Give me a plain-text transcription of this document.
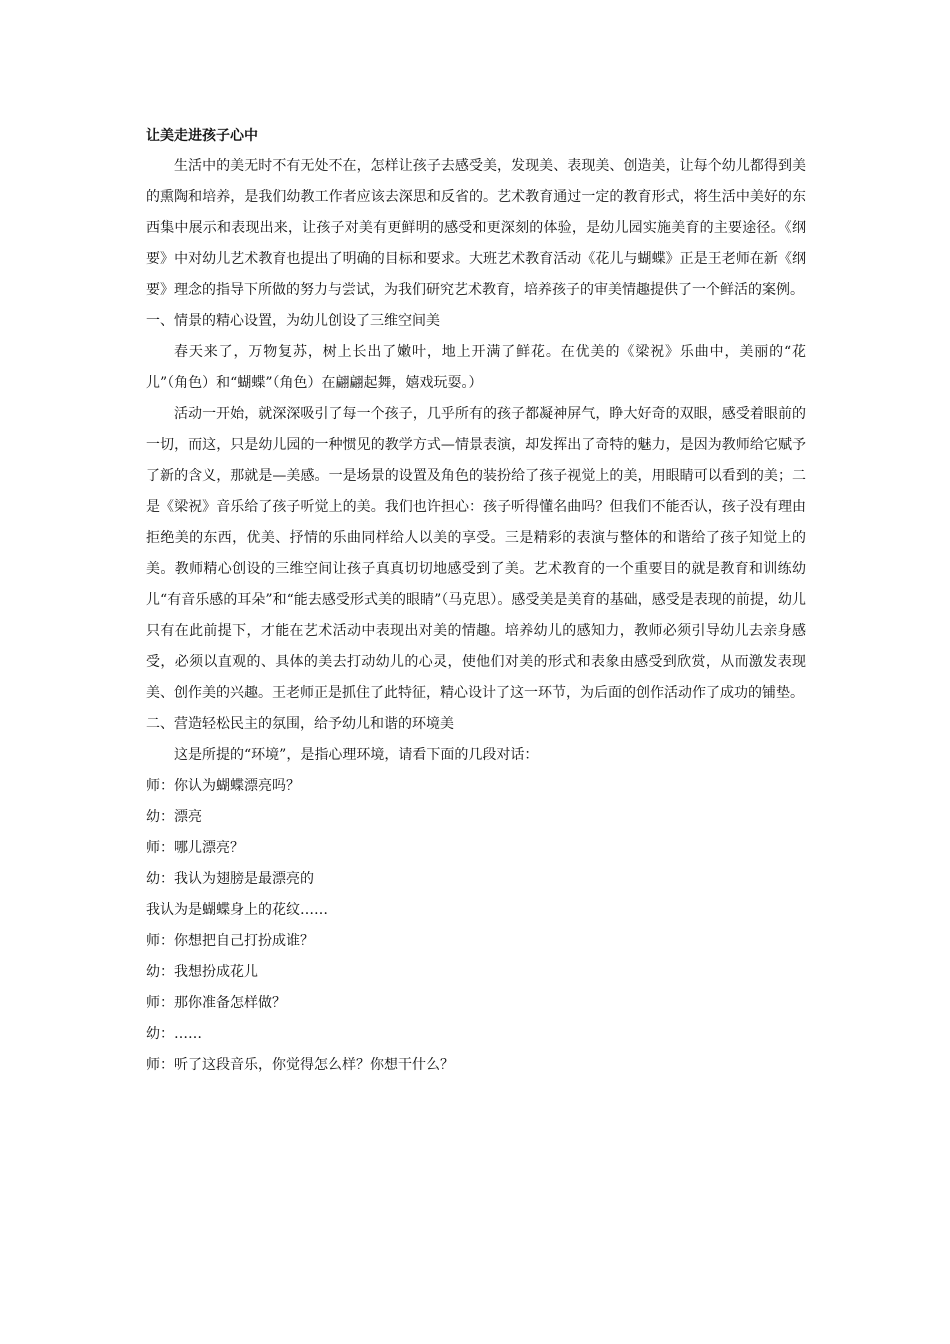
让美走进孩子心中

生活中的美无时不有无处不在，怎样让孩子去感受美，发现美、表现美、创造美，让每个幼儿都得到美的熏陶和培养，是我们幼教工作者应该去深思和反省的。艺术教育通过一定的教育形式，将生活中美好的东西集中展示和表现出来，让孩子对美有更鲜明的感受和更深刻的体验，是幼儿园实施美育的主要途径。《纲要》中对幼儿艺术教育也提出了明确的目标和要求。大班艺术教育活动《花儿与蝴蝶》正是王老师在新《纲要》理念的指导下所做的努力与尝试，为我们研究艺术教育，培养孩子的审美情趣提供了一个鲜活的案例。

一、情景的精心设置，为幼儿创设了三维空间美

春天来了，万物复苏，树上长出了嫩叶，地上开满了鲜花。在优美的《梁祝》乐曲中，美丽的“花儿”（角色）和“蝴蝶”（角色）在翩翩起舞，嬉戏玩耍。）

活动一开始，就深深吸引了每一个孩子，几乎所有的孩子都凝神屏气，睁大好奇的双眼，感受着眼前的一切，而这，只是幼儿园的一种惯见的教学方式—情景表演，却发挥出了奇特的魅力，是因为教师给它赋予了新的含义，那就是—美感。一是场景的设置及角色的装扮给了孩子视觉上的美，用眼睛可以看到的美；二是《梁祝》音乐给了孩子听觉上的美。我们也许担心：孩子听得懂名曲吗？但我们不能否认，孩子没有理由拒绝美的东西，优美、抒情的乐曲同样给人以美的享受。三是精彩的表演与整体的和谐给了孩子知觉上的美。教师精心创设的三维空间让孩子真真切切地感受到了美。艺术教育的一个重要目的就是教育和训练幼儿“有音乐感的耳朵”和“能去感受形式美的眼睛”（马克思）。感受美是美育的基础，感受是表现的前提，幼儿只有在此前提下，才能在艺术活动中表现出对美的情趣。培养幼儿的感知力，教师必须引导幼儿去亲身感受，必须以直观的、具体的美去打动幼儿的心灵，使他们对美的形式和表象由感受到欣赏，从而激发表现美、创作美的兴趣。王老师正是抓住了此特征，精心设计了这一环节，为后面的创作活动作了成功的铺垫。

二、营造轻松民主的氛围，给予幼儿和谐的环境美

这是所提的“环境”，是指心理环境，请看下面的几段对话：

师：你认为蝴蝶漂亮吗？

幼：漂亮

师：哪儿漂亮？

幼：我认为翅膀是最漂亮的

我认为是蝴蝶身上的花纹……

师：你想把自己打扮成谁？

幼：我想扮成花儿

师：那你准备怎样做？

幼：……

师：听了这段音乐，你觉得怎么样？你想干什么？
